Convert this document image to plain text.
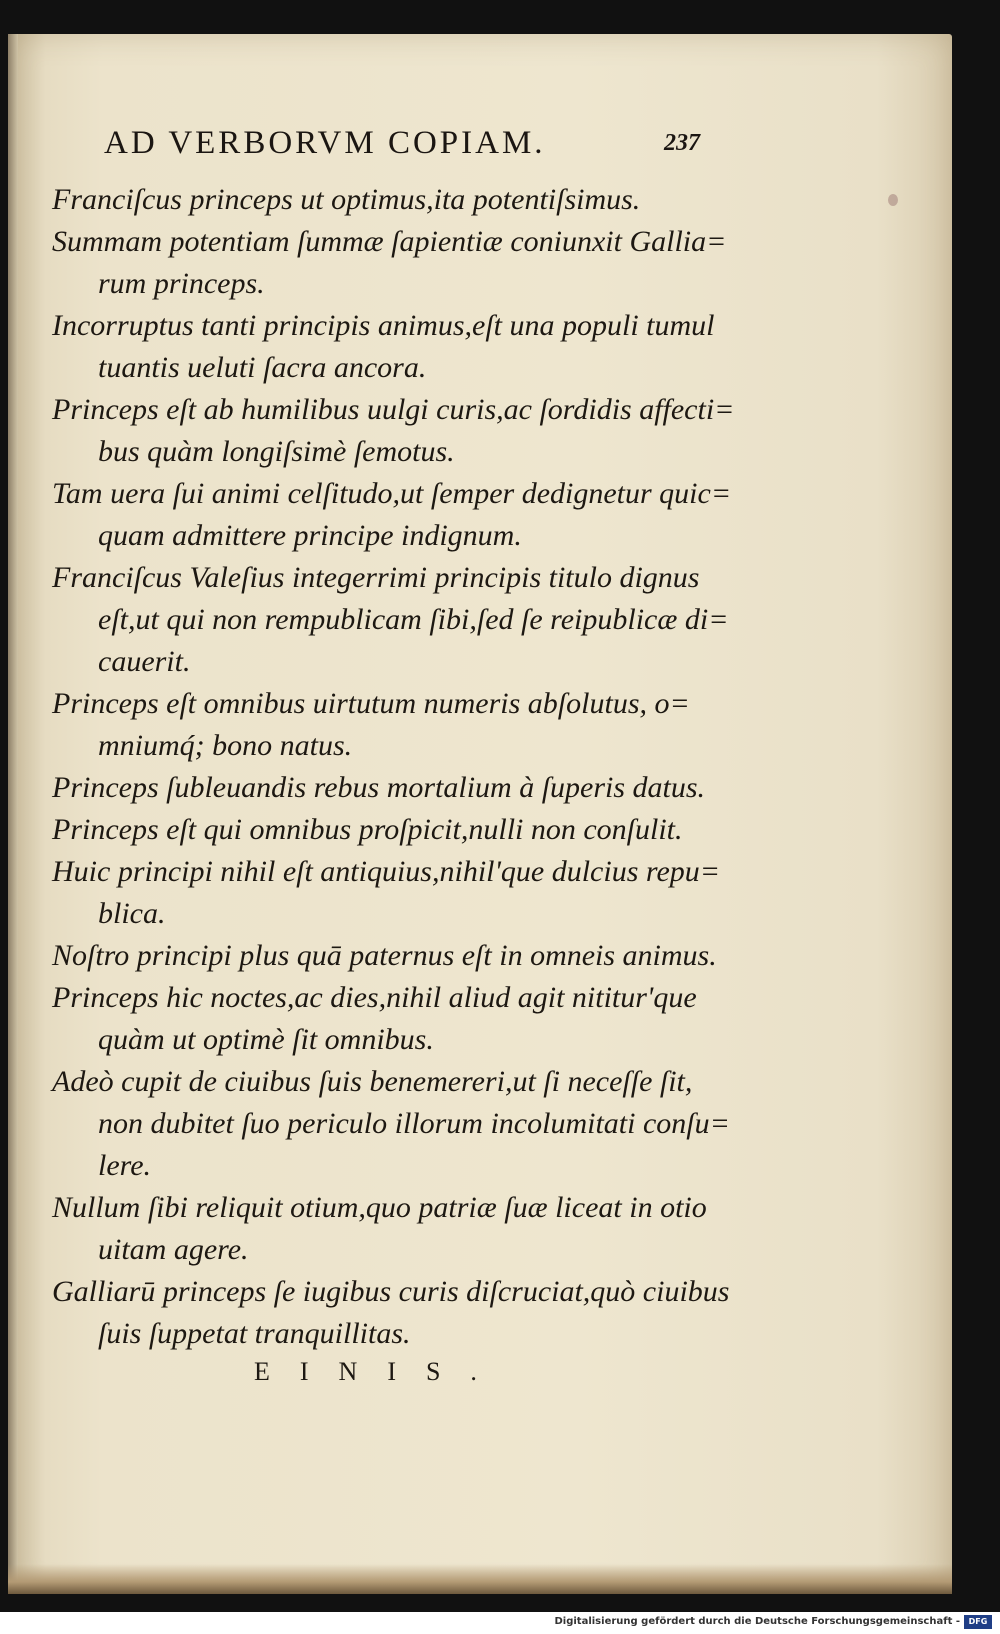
AD VERBORVM COPIAM.	237
Franciſcus princeps ut optimus,ita potentiſsimus.
Summam potentiam ſummæ ſapientiæ coniunxit Gallia=
rum princeps.
Incorruptus tanti principis animus,eſt una populi tumul
tuantis ueluti ſacra ancora.
Princeps eſt ab humilibus uulgi curis,ac ſordidis affecti=
bus quàm longiſsimè ſemotus.
Tam uera ſui animi celſitudo,ut ſemper dedignetur quic=
quam admittere principe indignum.
Franciſcus Valeſius integerrimi principis titulo dignus
eſt,ut qui non rempublicam ſibi,ſed ſe reipublicæ di=
cauerit.
Princeps eſt omnibus uirtutum numeris abſolutus, o=
mniumq́; bono natus.
Princeps ſubleuandis rebus mortalium à ſuperis datus.
Princeps eſt qui omnibus proſpicit,nulli non conſulit.
Huic principi nihil eſt antiquius,nihil'que dulcius repu=
blica.
Noſtro principi plus quā paternus eſt in omneis animus.
Princeps hic noctes,ac dies,nihil aliud agit nititur'que
quàm ut optimè ſit omnibus.
Adeò cupit de ciuibus ſuis benemereri,ut ſi neceſſe ſit,
non dubitet ſuo periculo illorum incolumitati conſu=
lere.
Nullum ſibi reliquit otium,quo patriæ ſuæ liceat in otio
uitam agere.
Galliarū princeps ſe iugibus curis diſcruciat,quò ciuibus
ſuis ſuppetat tranquillitas.
EINIS.
Digitalisierung gefördert durch die Deutsche Forschungsgemeinschaft -	DFG
